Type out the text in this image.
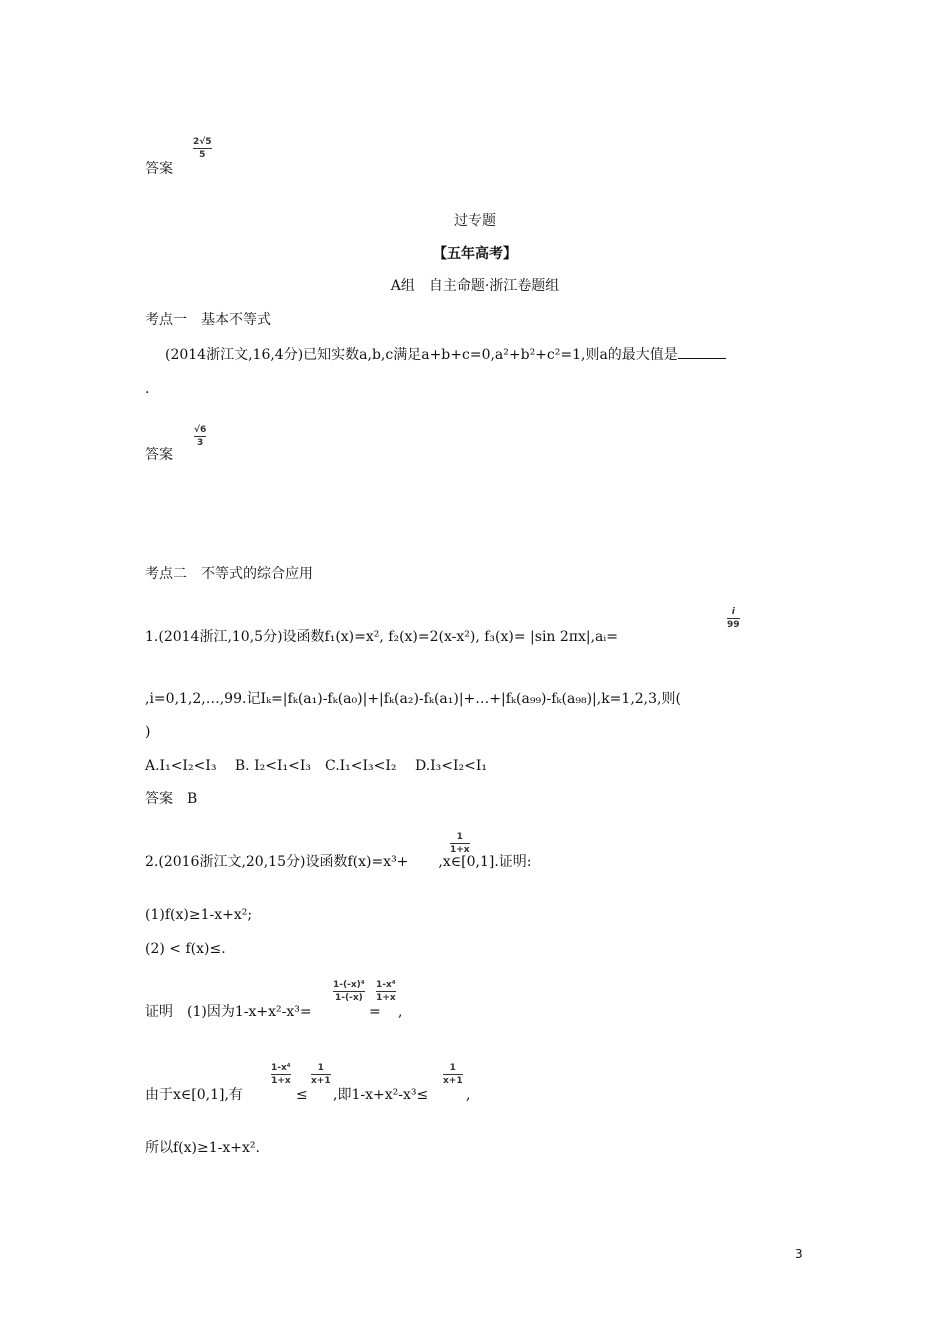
答案
2√5
5
过专题
【五年高考】
A组　自主命题·浙江卷题组
考点一　基本不等式
(2014浙江文,16,4分)已知实数a,b,c满足a+b+c=0,a²+b²+c²=1,则a的最大值是
.
答案
√6
3
考点二　不等式的综合应用
1.(2014浙江,10,5分)设函数f₁(x)=x², f₂(x)=2(x-x²), f₃(x)= |sin 2πx|,aᵢ=
i
99
,i=0,1,2,…,99.记Iₖ=|fₖ(a₁)-fₖ(a₀)|+|fₖ(a₂)-fₖ(a₁)|+…+|fₖ(a₉₉)-fₖ(a₉₈)|,k=1,2,3,则(
)
A.I₁<I₂<I₃　 B. I₂<I₁<I₃　C.I₁<I₃<I₂　 D.I₃<I₂<I₁
答案　B
2.(2016浙江文,20,15分)设函数f(x)=x³+ ,x∈[0,1].证明:
1
1+x
(1)f(x)≥1-x+x²;
(2) < f(x)≤.
证明　(1)因为1-x+x²-x³=
1-(-x)⁴
1-(-x)
=
1-x⁴
1+x
,
由于x∈[0,1],有
1-x⁴
1+x
≤
1
x+1
,即1-x+x²-x³≤
1
x+1
,
所以f(x)≥1-x+x².
3
